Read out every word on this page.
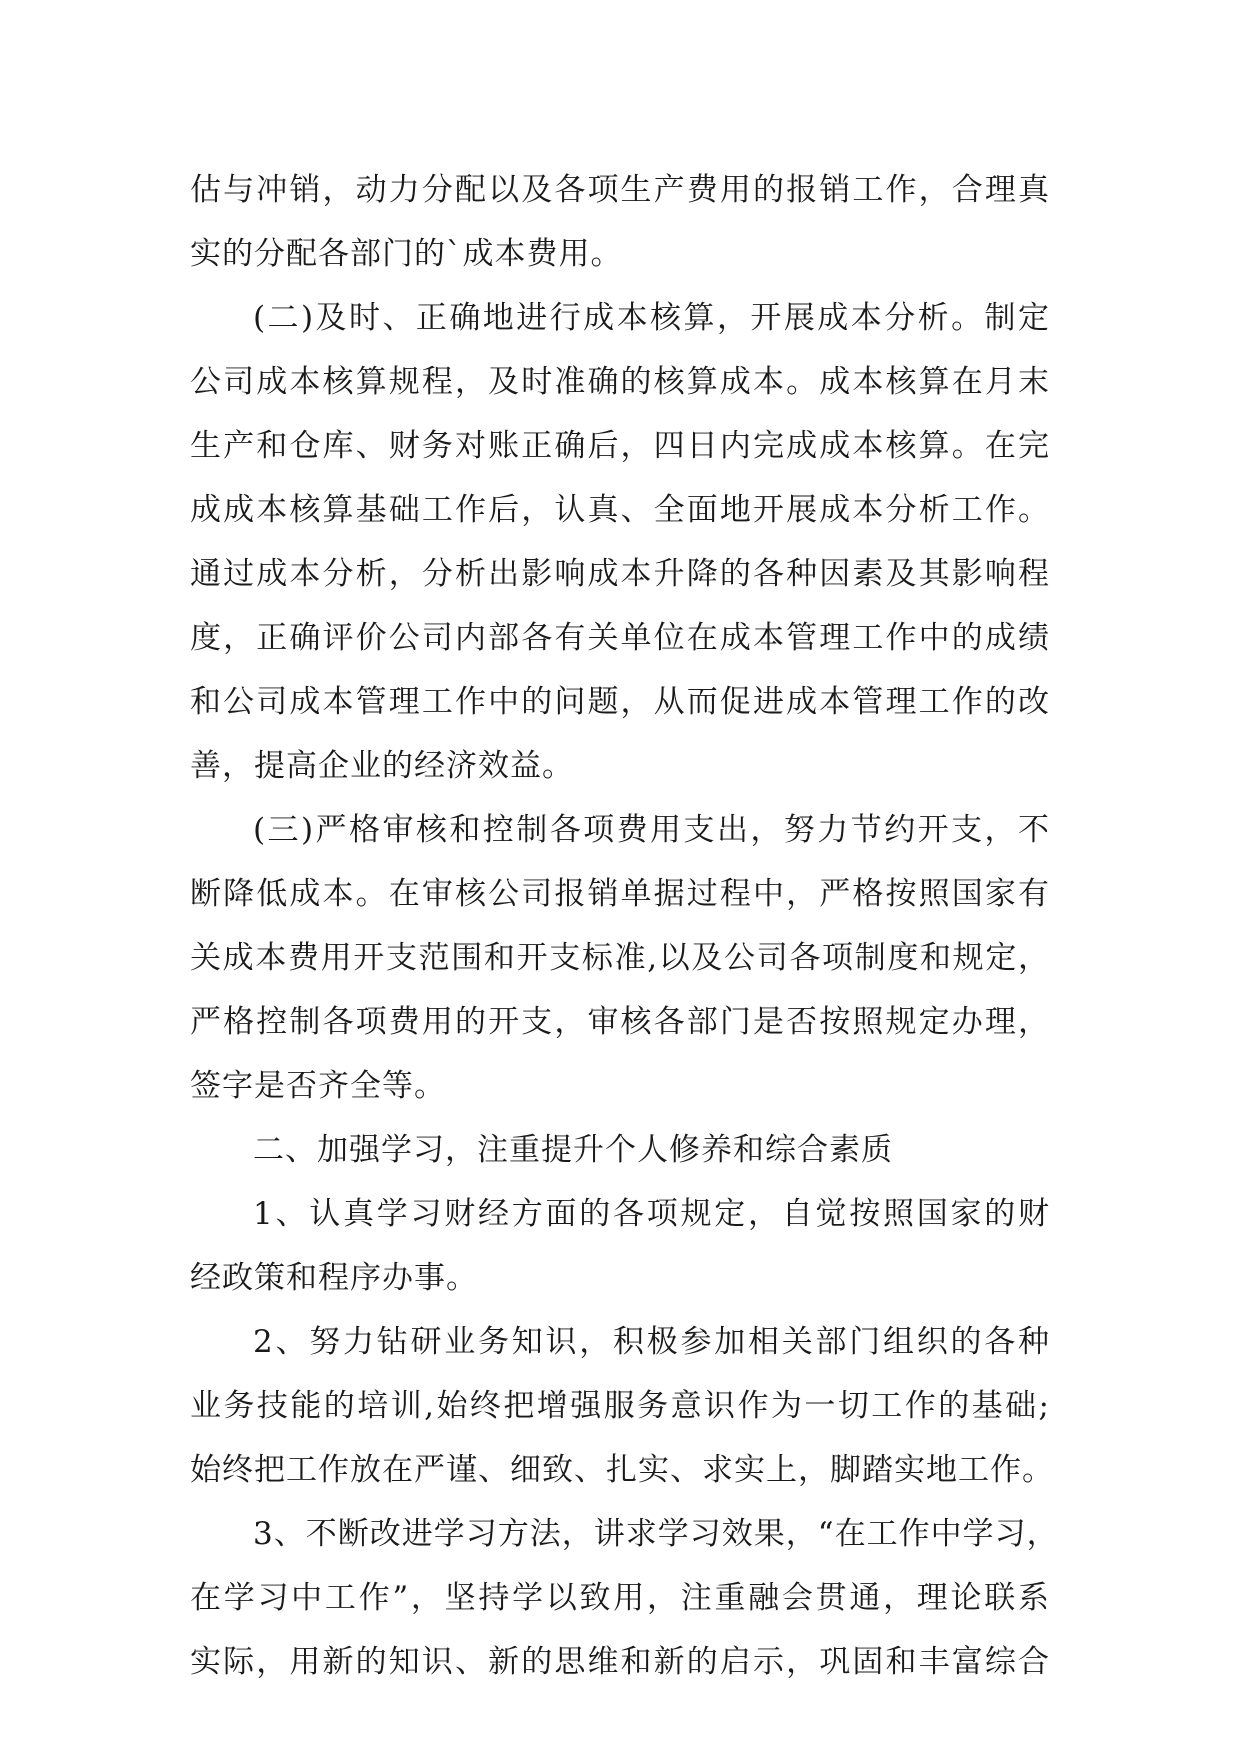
估与冲销，动力分配以及各项生产费用的报销工作，合理真
实的分配各部门的`成本费用。
(二)及时、正确地进行成本核算，开展成本分析。制定
公司成本核算规程，及时准确的核算成本。成本核算在月末
生产和仓库、财务对账正确后，四日内完成成本核算。在完
成成本核算基础工作后，认真、全面地开展成本分析工作。
通过成本分析，分析出影响成本升降的各种因素及其影响程
度，正确评价公司内部各有关单位在成本管理工作中的成绩
和公司成本管理工作中的问题，从而促进成本管理工作的改
善，提高企业的经济效益。
(三)严格审核和控制各项费用支出，努力节约开支，不
断降低成本。在审核公司报销单据过程中，严格按照国家有
关成本费用开支范围和开支标准,以及公司各项制度和规定，
严格控制各项费用的开支，审核各部门是否按照规定办理，
签字是否齐全等。
二、加强学习，注重提升个人修养和综合素质
1、认真学习财经方面的各项规定，自觉按照国家的财
经政策和程序办事。
2、努力钻研业务知识，积极参加相关部门组织的各种
业务技能的培训,始终把增强服务意识作为一切工作的基础;
始终把工作放在严谨、细致、扎实、求实上，脚踏实地工作。
3、不断改进学习方法，讲求学习效果，“在工作中学习，
在学习中工作”，坚持学以致用，注重融会贯通，理论联系
实际，用新的知识、新的思维和新的启示，巩固和丰富综合
